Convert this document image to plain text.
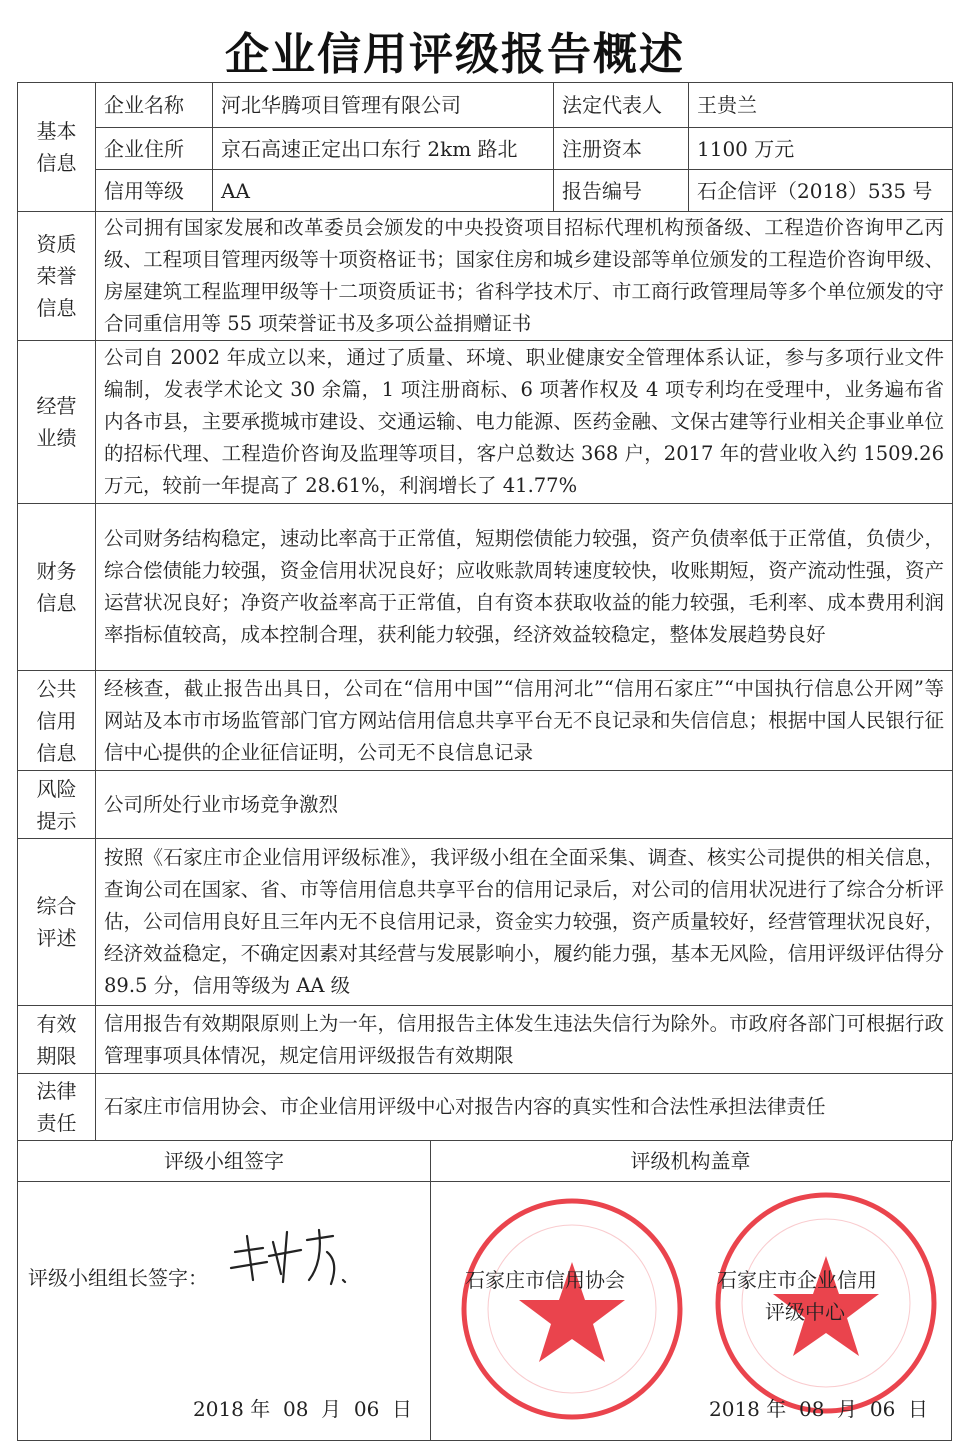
企业信用评级报告概述
基本信息	企业名称	河北华腾项目管理有限公司	法定代表人	王贵兰
	企业住所	京石高速正定出口东行 2km 路北	注册资本	1100 万元
	信用等级	AA	报告编号	石企信评（2018）535 号
资质荣誉信息	公司拥有国家发展和改革委员会颁发的中央投资项目招标代理机构预备级、工程造价咨询甲乙丙级、工程项目管理丙级等十项资格证书；国家住房和城乡建设部等单位颁发的工程造价咨询甲级、房屋建筑工程监理甲级等十二项资质证书；省科学技术厅、市工商行政管理局等多个单位颁发的守合同重信用等 55 项荣誉证书及多项公益捐赠证书			
经营业绩	公司自 2002 年成立以来，通过了质量、环境、职业健康安全管理体系认证，参与多项行业文件编制，发表学术论文 30 余篇，1 项注册商标、6 项著作权及 4 项专利均在受理中，业务遍布省内各市县，主要承揽城市建设、交通运输、电力能源、医药金融、文保古建等行业相关企事业单位的招标代理、工程造价咨询及监理等项目，客户总数达 368 户，2017 年的营业收入约 1509.26 万元，较前一年提高了 28.61%，利润增长了 41.77%			
财务信息	公司财务结构稳定，速动比率高于正常值，短期偿债能力较强，资产负债率低于正常值，负债少，综合偿债能力较强，资金信用状况良好；应收账款周转速度较快，收账期短，资产流动性强，资产运营状况良好；净资产收益率高于正常值，自有资本获取收益的能力较强，毛利率、成本费用利润率指标值较高，成本控制合理，获利能力较强，经济效益较稳定，整体发展趋势良好			
公共信用信息	经核查，截止报告出具日，公司在“信用中国”“信用河北”“信用石家庄”“中国执行信息公开网”等网站及本市市场监管部门官方网站信用信息共享平台无不良记录和失信信息；根据中国人民银行征信中心提供的企业征信证明，公司无不良信息记录			
风险提示	公司所处行业市场竞争激烈			
综合评述	按照《石家庄市企业信用评级标准》，我评级小组在全面采集、调查、核实公司提供的相关信息，查询公司在国家、省、市等信用信息共享平台的信用记录后，对公司的信用状况进行了综合分析评估，公司信用良好且三年内无不良信用记录，资金实力较强，资产质量较好，经营管理状况良好，经济效益稳定，不确定因素对其经营与发展影响小，履约能力强，基本无风险，信用评级评估得分 89.5 分，信用等级为 AA 级			
有效期限	信用报告有效期限原则上为一年，信用报告主体发生违法失信行为除外。市政府各部门可根据行政管理事项具体情况，规定信用评级报告有效期限			
法律责任	石家庄市信用协会、市企业信用评级中心对报告内容的真实性和合法性承担法律责任			
评级小组签字
评级小组组长签字：
2018 年  08  月  06  日
评级机构盖章
石家庄市信用协会	石家庄市企业信用
评级中心
2018 年  08  月  06  日
